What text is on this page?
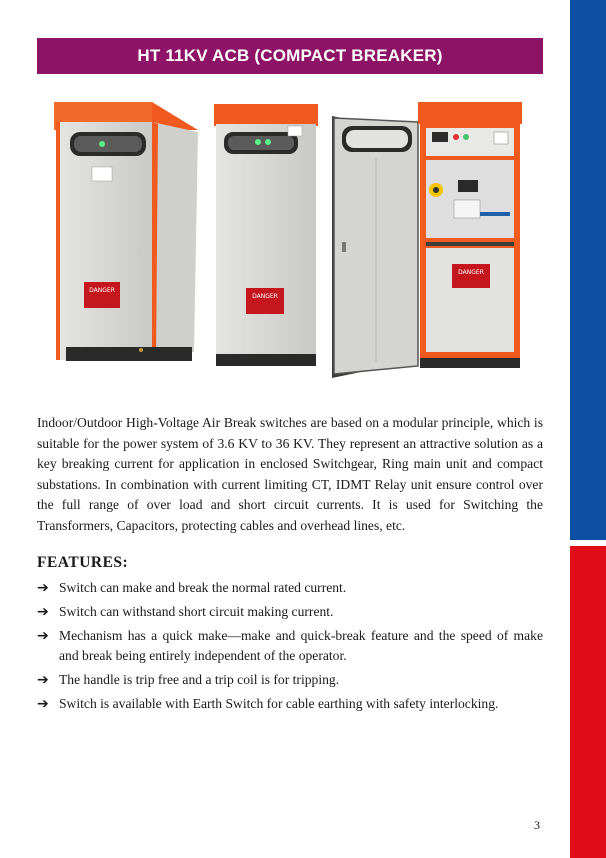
HT 11KV ACB (COMPACT BREAKER)
DANGER
DANGER
DANGER

Indoor/Outdoor High-Voltage Air Break switches are based on a modular principle, which is suitable for the power system of 3.6 KV to 36 KV. They represent an attractive solution as a key breaking current for application in enclosed Switchgear, Ring main unit and compact substations. In combination with current limiting CT, IDMT Relay unit ensure control over the full range of over load and short circuit currents. It is used for Switching the Transformers, Capacitors, protecting cables and overhead lines, etc.

FEATURES:
➔ Switch can make and break the normal rated current.
➔ Switch can withstand short circuit making current.
➔ Mechanism has a quick make—make and quick-break feature and the speed of make and break being entirely independent of the operator.
➔ The handle is trip free and a trip coil is for tripping.
➔ Switch is available with Earth Switch for cable earthing with safety interlocking.
3
